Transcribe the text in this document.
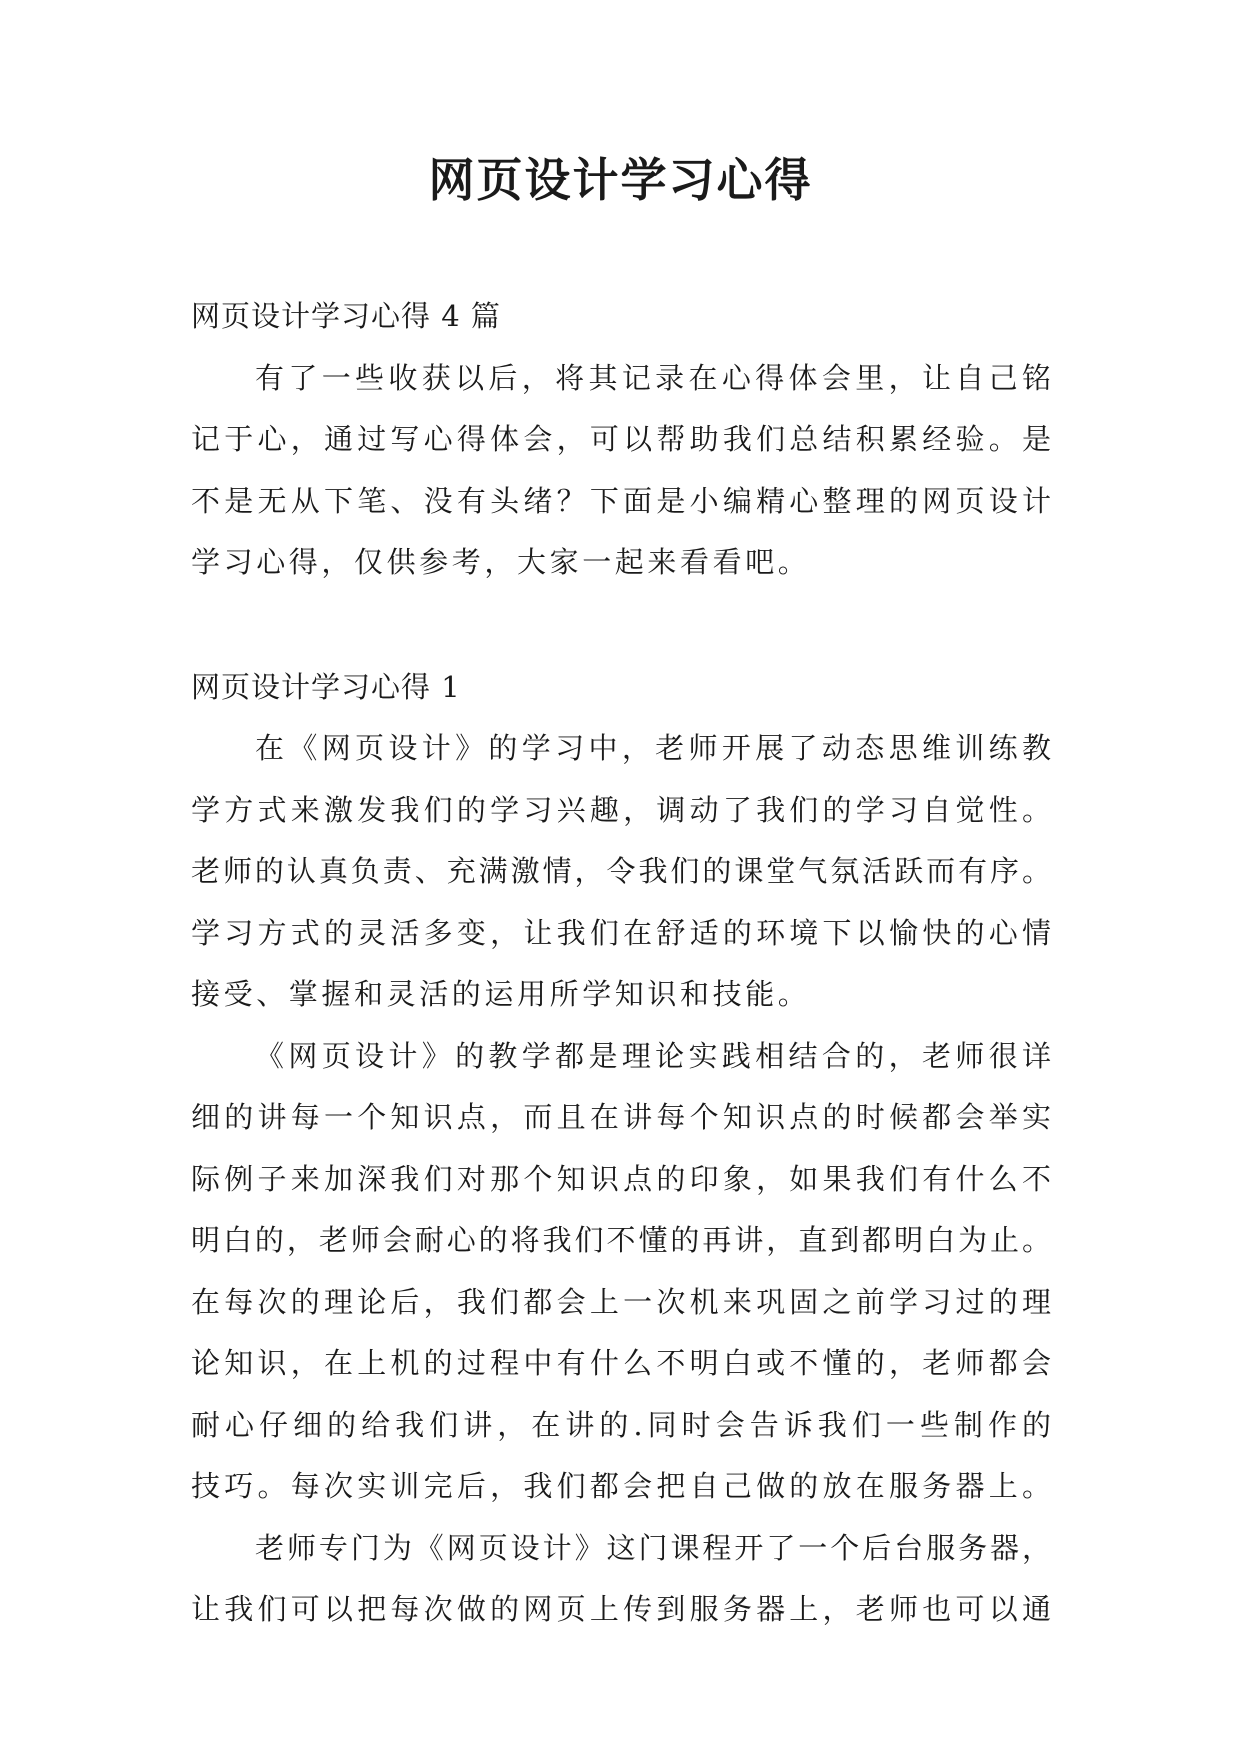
网页设计学习心得
网页设计学习心得 4 篇
有了一些收获以后，将其记录在心得体会里，让自己铭
记于心，通过写心得体会，可以帮助我们总结积累经验。是
不是无从下笔、没有头绪？下面是小编精心整理的网页设计
学习心得，仅供参考，大家一起来看看吧。
网页设计学习心得 1
在《网页设计》的学习中，老师开展了动态思维训练教
学方式来激发我们的学习兴趣，调动了我们的学习自觉性。
老师的认真负责、充满激情，令我们的课堂气氛活跃而有序。
学习方式的灵活多变，让我们在舒适的环境下以愉快的心情
接受、掌握和灵活的运用所学知识和技能。
《网页设计》的教学都是理论实践相结合的，老师很详
细的讲每一个知识点，而且在讲每个知识点的时候都会举实
际例子来加深我们对那个知识点的印象，如果我们有什么不
明白的，老师会耐心的将我们不懂的再讲，直到都明白为止。
在每次的理论后，我们都会上一次机来巩固之前学习过的理
论知识，在上机的过程中有什么不明白或不懂的，老师都会
耐心仔细的给我们讲，在讲的.同时会告诉我们一些制作的
技巧。每次实训完后，我们都会把自己做的放在服务器上。
老师专门为《网页设计》这门课程开了一个后台服务器，
让我们可以把每次做的网页上传到服务器上，老师也可以通
